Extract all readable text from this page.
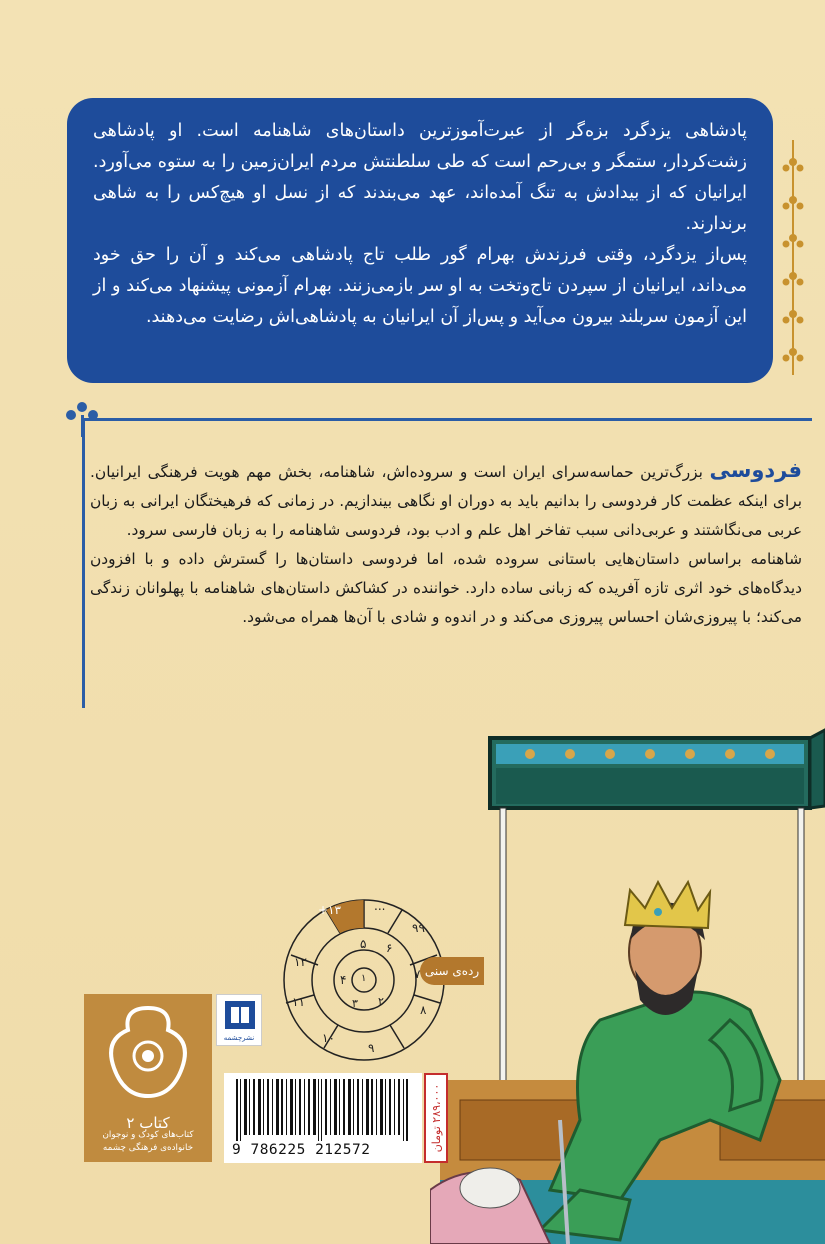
پادشاهی یزدگرد بزه‌گر از عبرت‌آموزترین داستان‌های شاهنامه است. او پادشاهی زشت‌کردار، ستمگر و بی‌رحم است که طی سلطنتش مردم ایران‌زمین را به ستوه می‌آورد. ایرانیان که از بیدادش به تنگ آمده‌اند، عهد می‌بندند که از نسل او هیچ‌کس را به شاهی برندارند.

پس‌از یزدگرد، وقتی فرزندش بهرام گور طلب تاج پادشاهی می‌کند و آن را حق خود می‌داند، ایرانیان از سپردن تاج‌وتخت به او سر بازمی‌زنند. بهرام آزمونی پیشنهاد می‌کند و از این آزمون سربلند بیرون می‌آید و پس‌از آن ایرانیان به پادشاهی‌اش رضایت می‌دهند.

فردوسی بزرگ‌ترین حماسه‌سرای ایران است و سروده‌اش، شاهنامه، بخش مهم هویت فرهنگی ایرانیان. برای اینکه عظمت کار فردوسی را بدانیم باید به دوران او نگاهی بیندازیم. در زمانی که فرهیختگان ایرانی به زبان عربی می‌نگاشتند و عربی‌دانی سبب تفاخر اهل علم و ادب بود، فردوسی شاهنامه را به زبان فارسی سرود.

شاهنامه براساس داستان‌هایی باستانی سروده شده، اما فردوسی داستان‌ها را گسترش داده و با افزودن دیدگاه‌های خود اثری تازه آفریده که زبانی ساده دارد. خواننده در کشاکش داستان‌های شاهنامه با پهلوانان زندگی می‌کند؛ با پیروزی‌شان احساس پیروزی می‌کند و در اندوه و شادی با آن‌ها همراه می‌شود.

+۱۳	...
۹۹
۱۲
۱۱
۱۰
۹
۸
۷
۶
۵
۴
۳ ۲
۱
رده‌ی سنی
کتاب ۲
کتاب‌های کودک و نوجوان
خانواده‌ی فرهنگی چشمه
نشرچشمه
9 786225 212572	۲۸۹،۰۰۰ تومان
